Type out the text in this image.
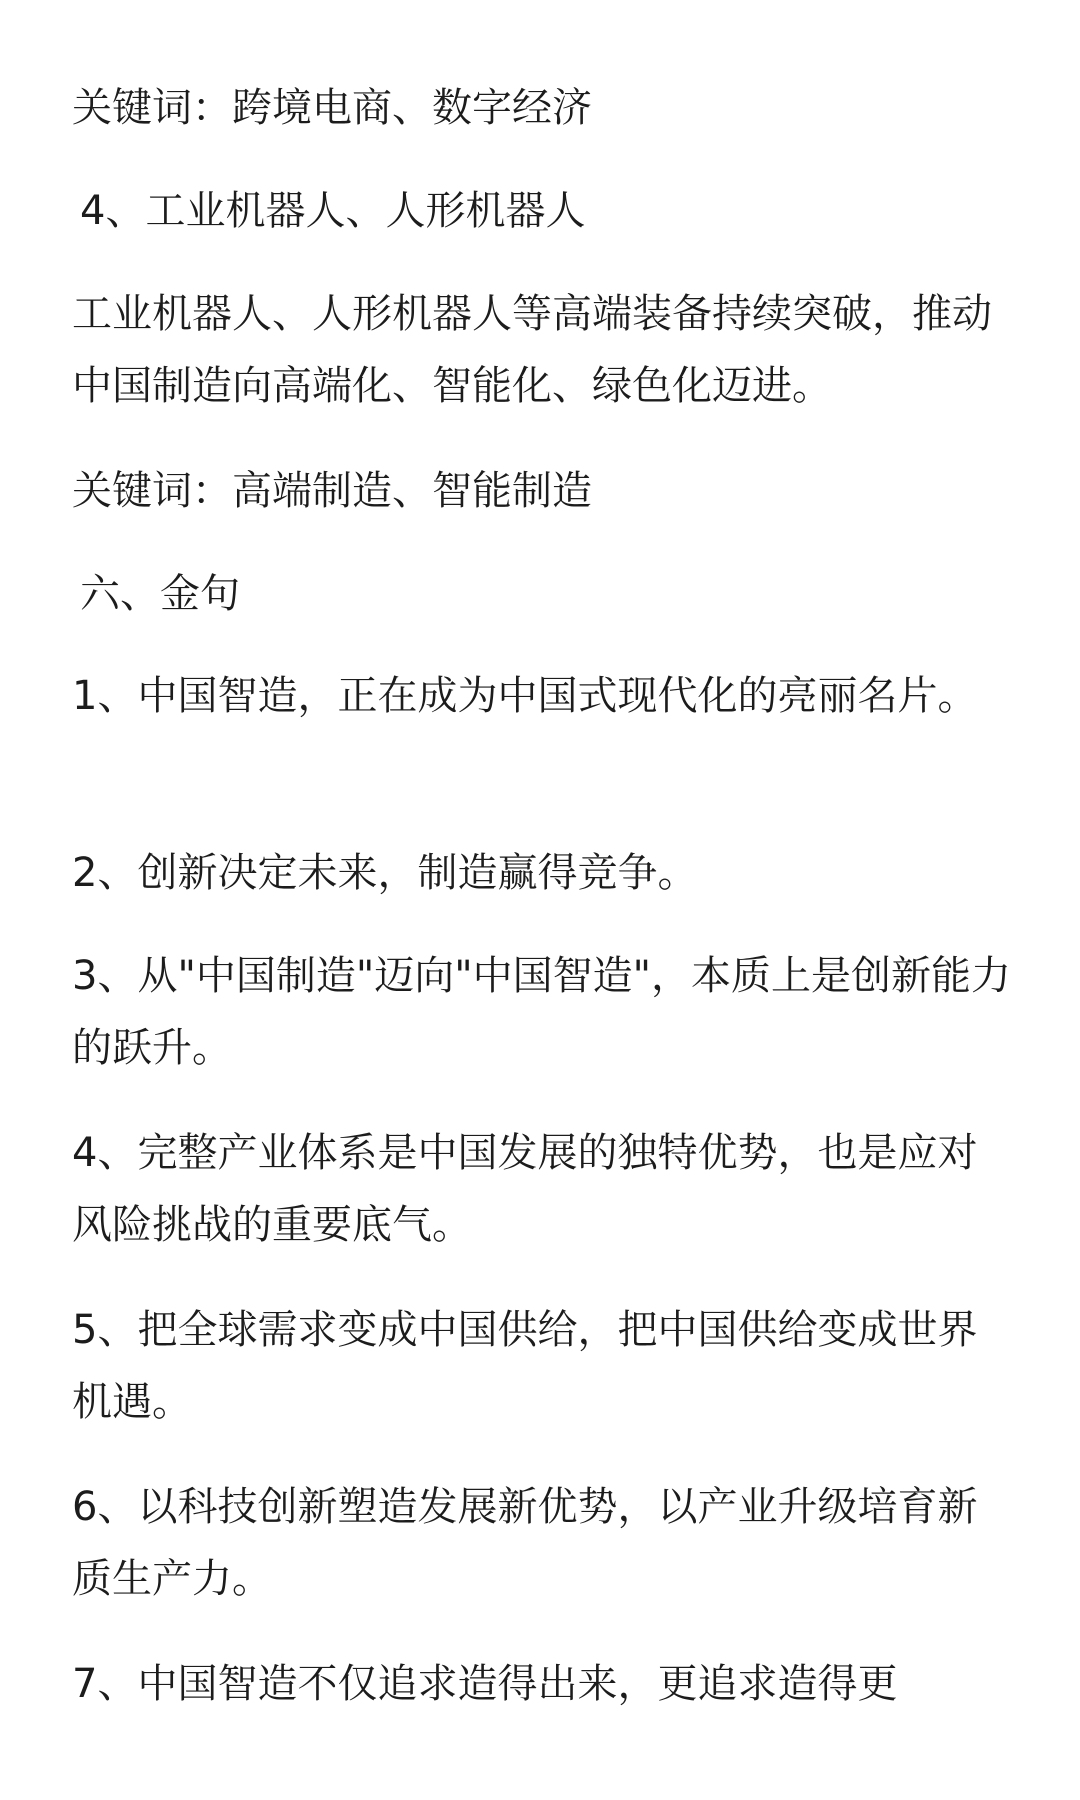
关键词：跨境电商、数字经济

4、工业机器人、人形机器人

工业机器人、人形机器人等高端装备持续突破，推动中国制造向高端化、智能化、绿色化迈进。

关键词：高端制造、智能制造

六、金句

1、中国智造，正在成为中国式现代化的亮丽名片。

2、创新决定未来，制造赢得竞争。

3、从"中国制造"迈向"中国智造"，本质上是创新能力的跃升。

4、完整产业体系是中国发展的独特优势，也是应对风险挑战的重要底气。

5、把全球需求变成中国供给，把中国供给变成世界机遇。

6、以科技创新塑造发展新优势，以产业升级培育新质生产力。

7、中国智造不仅追求造得出来，更追求造得更
